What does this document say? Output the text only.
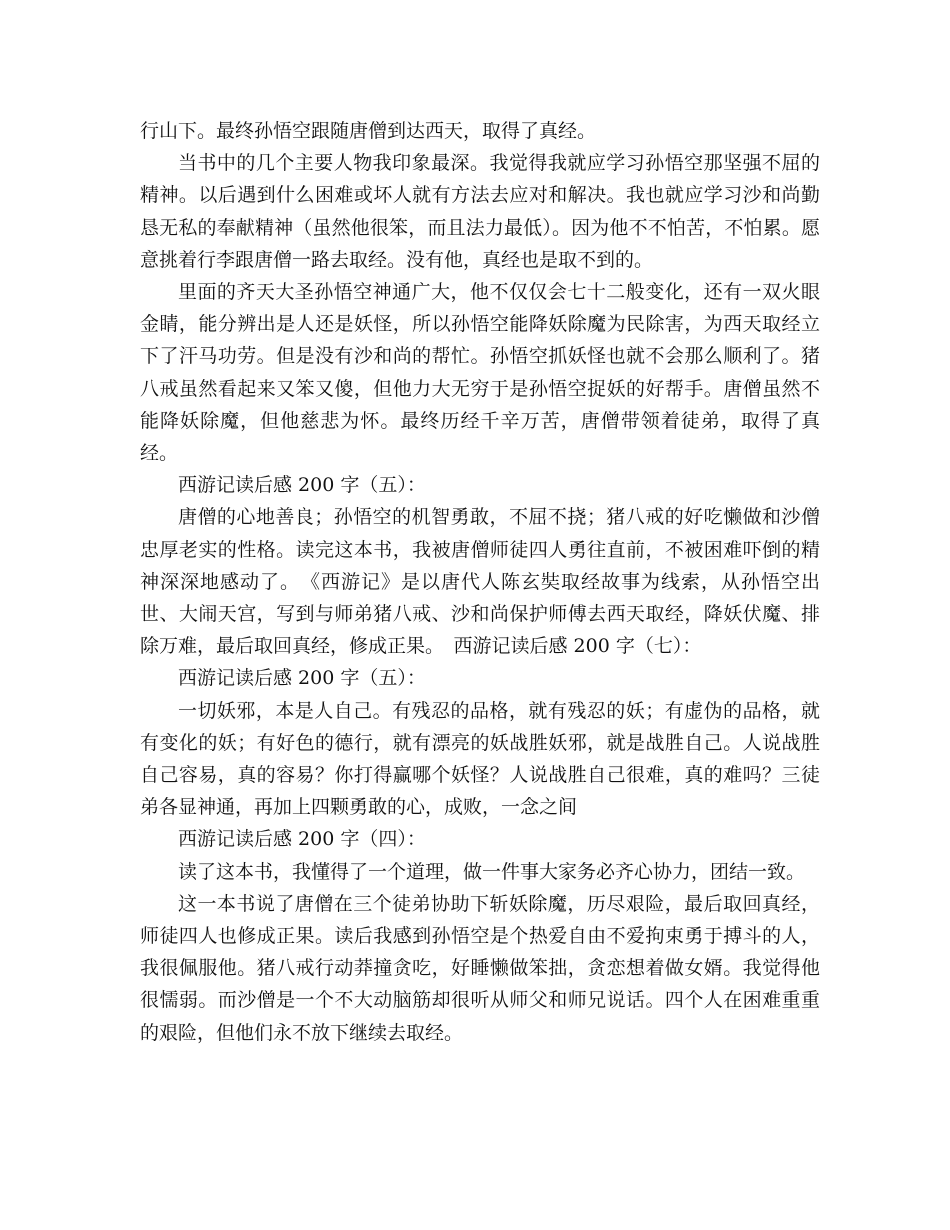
行山下。最终孙悟空跟随唐僧到达西天，取得了真经。

当书中的几个主要人物我印象最深。我觉得我就应学习孙悟空那坚强不屈的精神。以后遇到什么困难或坏人就有方法去应对和解决。我也就应学习沙和尚勤恳无私的奉献精神（虽然他很笨，而且法力最低）。因为他不不怕苦，不怕累。愿意挑着行李跟唐僧一路去取经。没有他，真经也是取不到的。

里面的齐天大圣孙悟空神通广大，他不仅仅会七十二般变化，还有一双火眼金睛，能分辨出是人还是妖怪，所以孙悟空能降妖除魔为民除害，为西天取经立下了汗马功劳。但是没有沙和尚的帮忙。孙悟空抓妖怪也就不会那么顺利了。猪八戒虽然看起来又笨又傻，但他力大无穷于是孙悟空捉妖的好帮手。唐僧虽然不能降妖除魔，但他慈悲为怀。最终历经千辛万苦，唐僧带领着徒弟，取得了真经。

西游记读后感 200 字（五）：

唐僧的心地善良；孙悟空的机智勇敢，不屈不挠；猪八戒的好吃懒做和沙僧忠厚老实的性格。读完这本书，我被唐僧师徒四人勇往直前，不被困难吓倒的精神深深地感动了。　《西游记》是以唐代人陈玄奘取经故事为线索，从孙悟空出世、大闹天宫，写到与师弟猪八戒、沙和尚保护师傅去西天取经，降妖伏魔、排除万难，最后取回真经，修成正果。　西游记读后感 200 字（七）：

西游记读后感 200 字（五）：

一切妖邪，本是人自己。有残忍的品格，就有残忍的妖；有虚伪的品格，就有变化的妖；有好色的德行，就有漂亮的妖战胜妖邪，就是战胜自己。人说战胜自己容易，真的容易？你打得赢哪个妖怪？人说战胜自己很难，真的难吗？三徒弟各显神通，再加上四颗勇敢的心，成败，一念之间

西游记读后感 200 字（四）：

读了这本书，我懂得了一个道理，做一件事大家务必齐心协力，团结一致。

这一本书说了唐僧在三个徒弟协助下斩妖除魔，历尽艰险，最后取回真经，师徒四人也修成正果。读后我感到孙悟空是个热爱自由不爱拘束勇于搏斗的人，我很佩服他。猪八戒行动莽撞贪吃，好睡懒做笨拙，贪恋想着做女婿。我觉得他很懦弱。而沙僧是一个不大动脑筋却很听从师父和师兄说话。四个人在困难重重的艰险，但他们永不放下继续去取经。
